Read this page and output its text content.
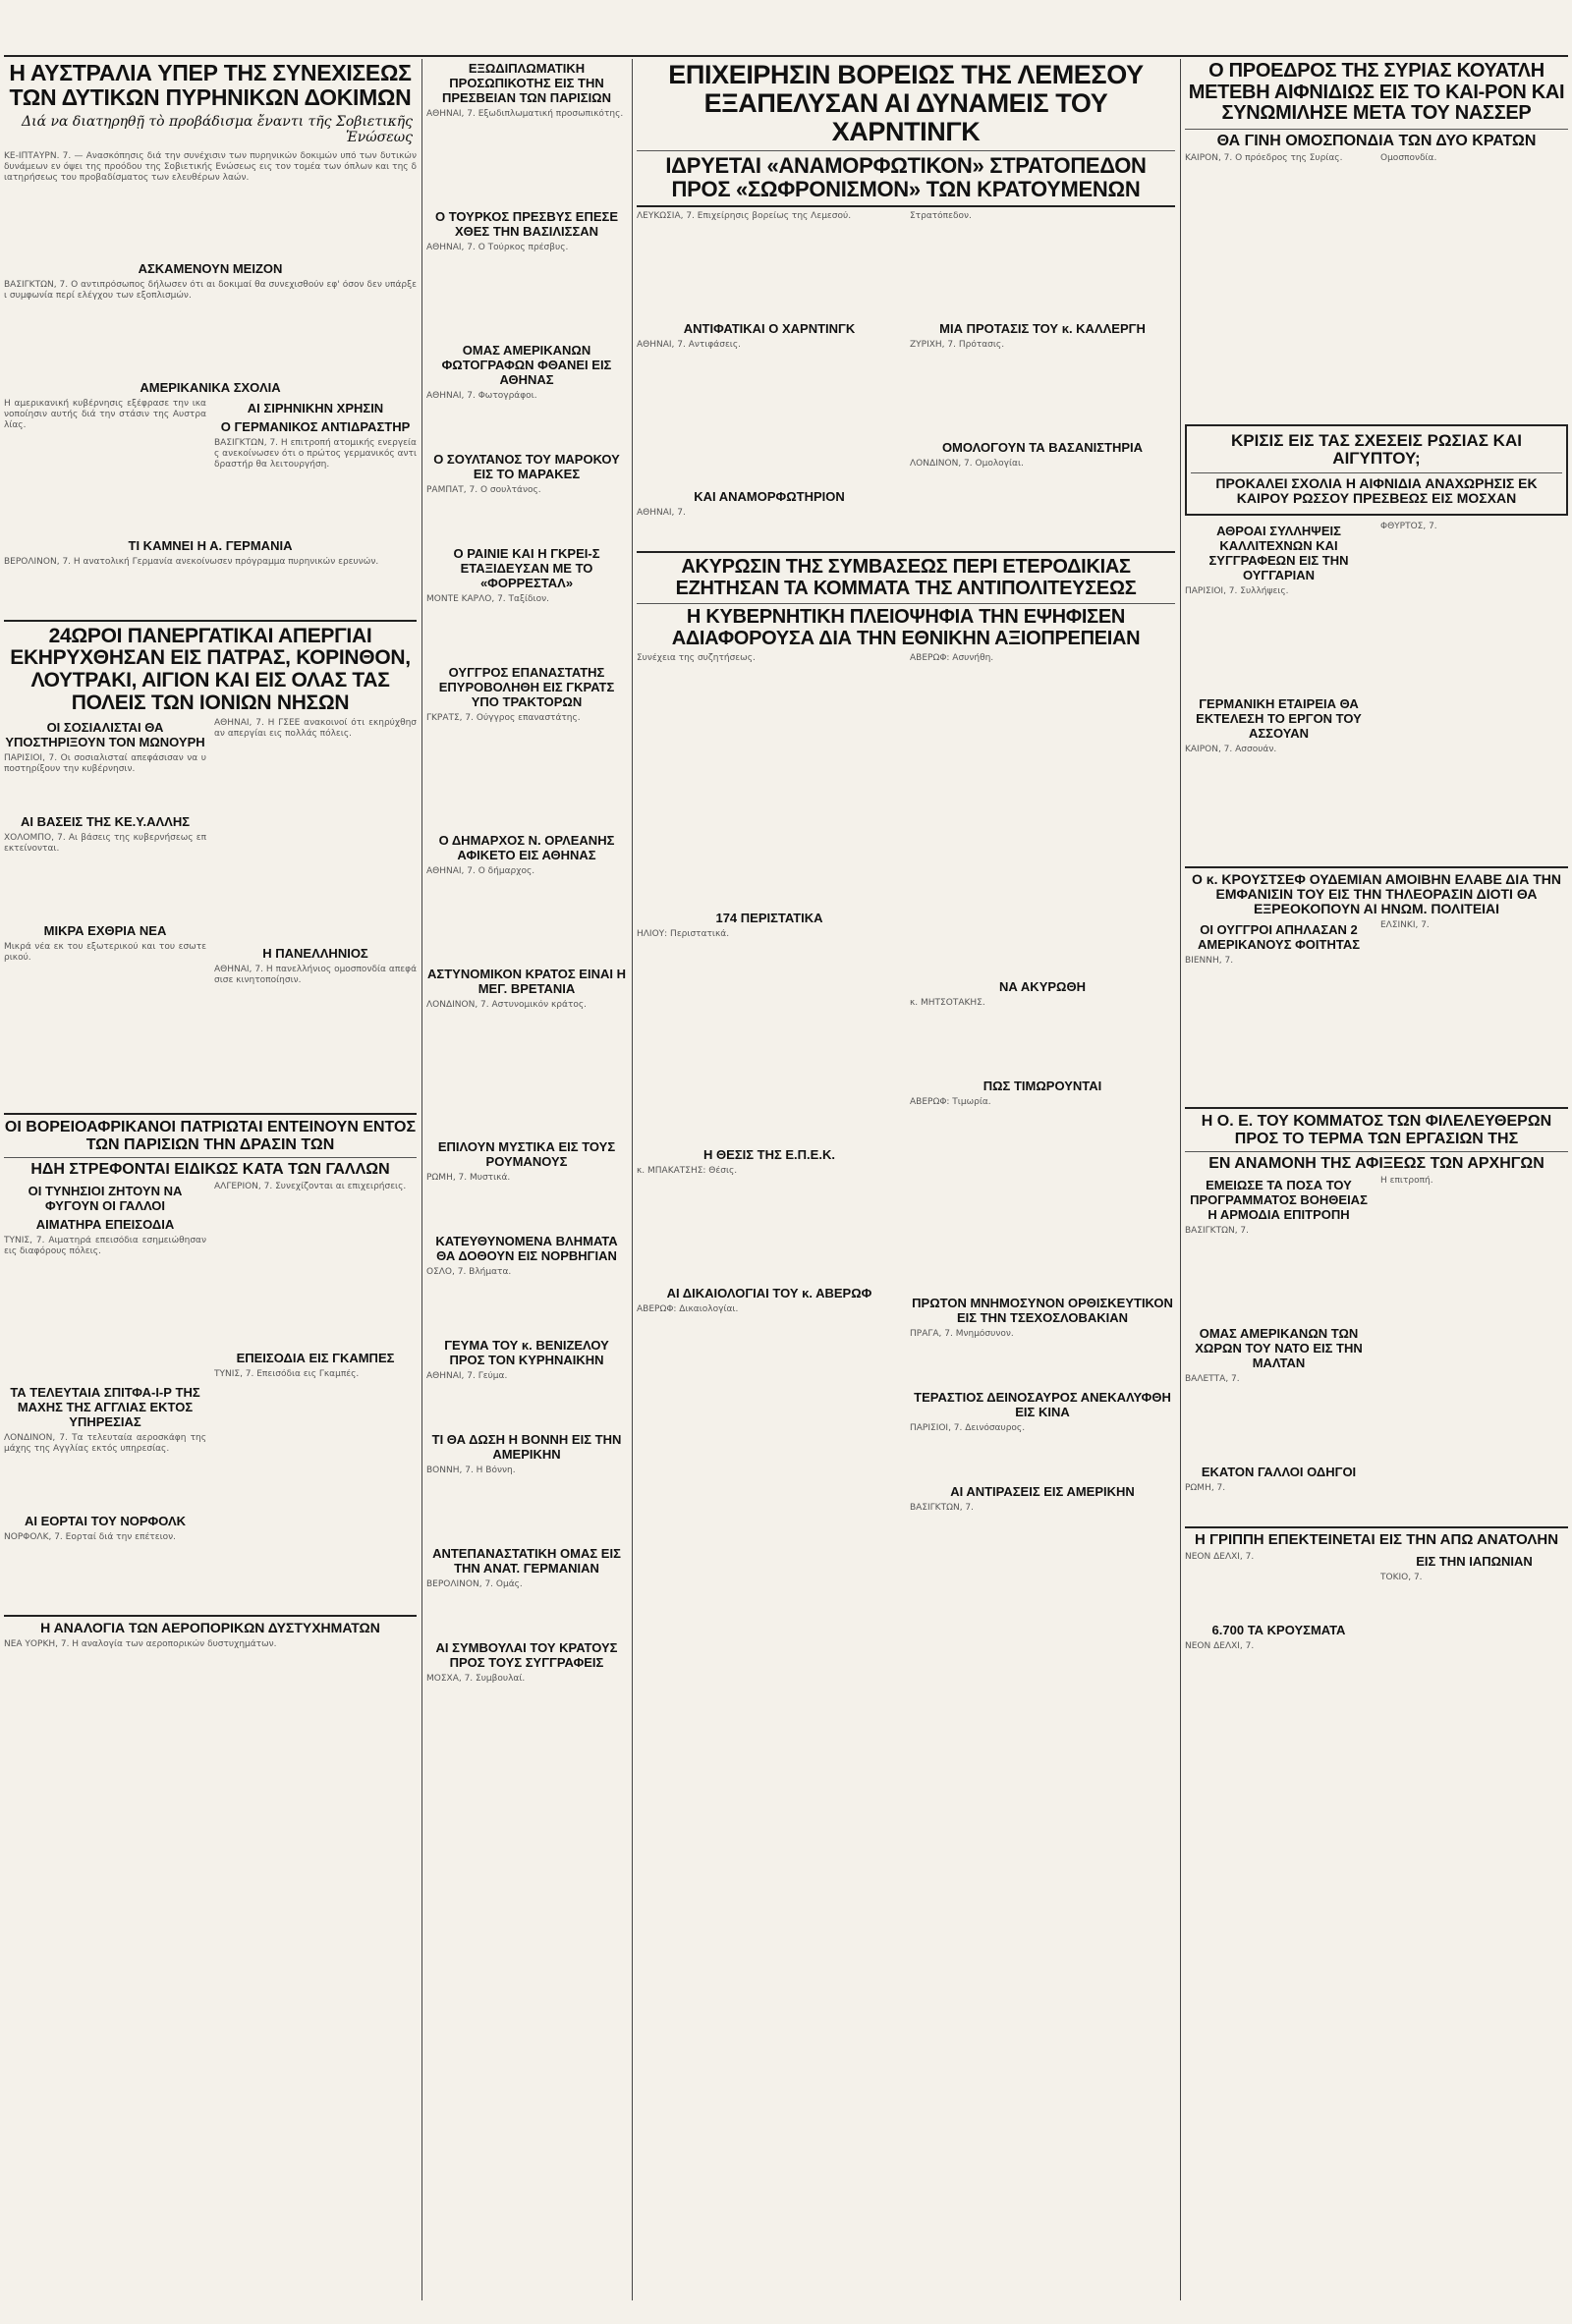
Η ΑΥΣΤΡΑΛΙΑ ΥΠΕΡ ΤΗΣ ΣΥΝΕΧΙΣΕΩΣ ΤΩΝ ΔΥΤΙΚΩΝ ΠΥΡΗΝΙΚΩΝ ΔΟΚΙΜΩΝ
Διά να διατηρηθῇ τὸ προβάδισμα ἔναντι τῆς Σοβιετικῆς Ἑνώσεως
ΚΕ-ΙΠΤΑΥΡΝ. 7. — Ανασκόπησις διά την συνέχισιν των πυρηνικών δοκιμών υπό των δυτικών δυνάμεων εν όψει της προόδου της Σοβιετικής Ενώσεως εις τον τομέα των όπλων και της διατηρήσεως του προβαδίσματος των ελευθέρων λαών.
ΑΣΚΑΜΕΝΟΥΝ ΜΕΙΖΟΝ
ΒΑΣΙΓΚΤΩΝ, 7. Ο αντιπρόσωπος δήλωσεν ότι αι δοκιμαί θα συνεχισθούν εφ' όσον δεν υπάρξει συμφωνία περί ελέγχου των εξοπλισμών.
ΑΜΕΡΙΚΑΝΙΚΑ ΣΧΟΛΙΑ
Η αμερικανική κυβέρνησις εξέφρασε την ικανοποίησιν αυτής διά την στάσιν της Αυστραλίας.
ΑΙ ΣΙΡΗΝΙΚΗΝ ΧΡΗΣΙΝ
Ο ΓΕΡΜΑΝΙΚΟΣ ΑΝΤΙΔΡΑΣΤΗΡ
ΒΑΣΙΓΚΤΩΝ, 7. Η επιτροπή ατομικής ενεργείας ανεκοίνωσεν ότι ο πρώτος γερμανικός αντιδραστήρ θα λειτουργήση.
ΤΙ ΚΑΜΝΕΙ Η Α. ΓΕΡΜΑΝΙΑ
ΒΕΡΟΛΙΝΟΝ, 7. Η ανατολική Γερμανία ανεκοίνωσεν πρόγραμμα πυρηνικών ερευνών.
24ΩΡΟΙ ΠΑΝΕΡΓΑΤΙΚΑΙ ΑΠΕΡΓΙΑΙ ΕΚΗΡΥΧΘΗΣΑΝ ΕΙΣ ΠΑΤΡΑΣ, ΚΟΡΙΝΘΟΝ, ΛΟΥΤΡΑΚΙ, ΑΙΓΙΟΝ ΚΑΙ ΕΙΣ ΟΛΑΣ ΤΑΣ ΠΟΛΕΙΣ ΤΩΝ ΙΟΝΙΩΝ ΝΗΣΩΝ
ΟΙ ΣΟΣΙΑΛΙΣΤΑΙ ΘΑ ΥΠΟΣΤΗΡΙΞΟΥΝ ΤΟΝ ΜΩΝΟΥΡΗ
ΠΑΡΙΣΙΟΙ, 7. Οι σοσιαλισταί απεφάσισαν να υποστηρίξουν την κυβέρνησιν.
ΑΙ ΒΑΣΕΙΣ ΤΗΣ ΚΕ.Υ.ΑΛΛΗΣ
ΧΟΛΟΜΠΟ, 7. Αι βάσεις της κυβερνήσεως επεκτείνονται.
ΜΙΚΡΑ ΕΧΘΡΙΑ ΝΕΑ
Μικρά νέα εκ του εξωτερικού και του εσωτερικού.
ΑΘΗΝΑΙ, 7. Η ΓΣΕΕ ανακοινοί ότι εκηρύχθησαν απεργίαι εις πολλάς πόλεις.
Η ΠΑΝΕΛΛΗΝΙΟΣ
ΑΘΗΝΑΙ, 7. Η πανελλήνιος ομοσπονδία απεφάσισε κινητοποίησιν.
ΟΙ ΒΟΡΕΙΟΑΦΡΙΚΑΝΟΙ ΠΑΤΡΙΩΤΑΙ ΕΝΤΕΙΝΟΥΝ ΕΝΤΟΣ ΤΩΝ ΠΑΡΙΣΙΩΝ ΤΗΝ ΔΡΑΣΙΝ ΤΩΝ
ΗΔΗ ΣΤΡΕΦΟΝΤΑΙ ΕΙΔΙΚΩΣ ΚΑΤΑ ΤΩΝ ΓΑΛΛΩΝ
ΟΙ ΤΥΝΗΣΙΟΙ ΖΗΤΟΥΝ ΝΑ ΦΥΓΟΥΝ ΟΙ ΓΑΛΛΟΙ
ΑΙΜΑΤΗΡΑ ΕΠΕΙΣΟΔΙΑ
ΤΥΝΙΣ, 7. Αιματηρά επεισόδια εσημειώθησαν εις διαφόρους πόλεις.
ΤΑ ΤΕΛΕΥΤΑΙΑ ΣΠΙΤΦΑ-Ι-Ρ ΤΗΣ ΜΑΧΗΣ ΤΗΣ ΑΓΓΛΙΑΣ ΕΚΤΟΣ ΥΠΗΡΕΣΙΑΣ
ΛΟΝΔΙΝΟΝ, 7. Τα τελευταία αεροσκάφη της μάχης της Αγγλίας εκτός υπηρεσίας.
ΑΙ ΕΟΡΤΑΙ ΤΟΥ ΝΟΡΦΟΛΚ
ΝΟΡΦΟΛΚ, 7. Εορταί διά την επέτειον.
ΑΛΓΕΡΙΟΝ, 7. Συνεχίζονται αι επιχειρήσεις.
ΕΠΕΙΣΟΔΙΑ ΕΙΣ ΓΚΑΜΠΕΣ
ΤΥΝΙΣ, 7. Επεισόδια εις Γκαμπές.
Η ΑΝΑΛΟΓΙΑ ΤΩΝ ΑΕΡΟΠΟΡΙΚΩΝ ΔΥΣΤΥΧΗΜΑΤΩΝ
ΝΕΑ ΥΟΡΚΗ, 7. Η αναλογία των αεροπορικών δυστυχημάτων.
ΕΞΩΔΙΠΛΩΜΑΤΙΚΗ ΠΡΟΣΩΠΙΚΟΤΗΣ ΕΙΣ ΤΗΝ ΠΡΕΣΒΕΙΑΝ ΤΩΝ ΠΑΡΙΣΙΩΝ
ΑΘΗΝΑΙ, 7. Εξωδιπλωματική προσωπικότης.
Ο ΤΟΥΡΚΟΣ ΠΡΕΣΒΥΣ ΕΠΕΣΕ ΧΘΕΣ ΤΗΝ ΒΑΣΙΛΙΣΣΑΝ
ΑΘΗΝΑΙ, 7. Ο Τούρκος πρέσβυς.
ΟΜΑΣ ΑΜΕΡΙΚΑΝΩΝ ΦΩΤΟΓΡΑΦΩΝ ΦΘΑΝΕΙ ΕΙΣ ΑΘΗΝΑΣ
ΑΘΗΝΑΙ, 7. Φωτογράφοι.
Ο ΣΟΥΛΤΑΝΟΣ ΤΟΥ ΜΑΡΟΚΟΥ ΕΙΣ ΤΟ ΜΑΡΑΚΕΣ
ΡΑΜΠΑΤ, 7. Ο σουλτάνος.
Ο ΡΑΙΝΙΕ ΚΑΙ Η ΓΚΡΕΙ-Σ ΕΤΑΞΙΔΕΥΣΑΝ ΜΕ ΤΟ «ΦΟΡΡΕΣΤΑΛ»
ΜΟΝΤΕ ΚΑΡΛΟ, 7. Ταξίδιον.
ΟΥΓΓΡΟΣ ΕΠΑΝΑΣΤΑΤΗΣ ΕΠΥΡΟΒΟΛΗΘΗ ΕΙΣ ΓΚΡΑΤΣ ΥΠΟ ΤΡΑΚΤΟΡΩΝ
ΓΚΡΑΤΣ, 7. Ούγγρος επαναστάτης.
Ο ΔΗΜΑΡΧΟΣ Ν. ΟΡΛΕΑΝΗΣ ΑΦΙΚΕΤΟ ΕΙΣ ΑΘΗΝΑΣ
ΑΘΗΝΑΙ, 7. Ο δήμαρχος.
ΑΣΤΥΝΟΜΙΚΟΝ ΚΡΑΤΟΣ ΕΙΝΑΙ Η ΜΕΓ. ΒΡΕΤΑΝΙΑ
ΛΟΝΔΙΝΟΝ, 7. Αστυνομικόν κράτος.
ΕΠΙΛΟΥΝ ΜΥΣΤΙΚΑ ΕΙΣ ΤΟΥΣ ΡΟΥΜΑΝΟΥΣ
ΡΩΜΗ, 7. Μυστικά.
ΚΑΤΕΥΘΥΝΟΜΕΝΑ ΒΛΗΜΑΤΑ ΘΑ ΔΟΘΟΥΝ ΕΙΣ ΝΟΡΒΗΓΙΑΝ
ΟΣΛΟ, 7. Βλήματα.
ΓΕΥΜΑ ΤΟΥ κ. ΒΕΝΙΖΕΛΟΥ ΠΡΟΣ ΤΟΝ ΚΥΡΗΝΑΙΚΗΝ
ΑΘΗΝΑΙ, 7. Γεύμα.
ΤΙ ΘΑ ΔΩΣΗ Η ΒΟΝΝΗ ΕΙΣ ΤΗΝ ΑΜΕΡΙΚΗΝ
ΒΟΝΝΗ, 7. Η Βόννη.
ΑΝΤΕΠΑΝΑΣΤΑΤΙΚΗ ΟΜΑΣ ΕΙΣ ΤΗΝ ΑΝΑΤ. ΓΕΡΜΑΝΙΑΝ
ΒΕΡΟΛΙΝΟΝ, 7. Ομάς.
ΑΙ ΣΥΜΒΟΥΛΑΙ ΤΟΥ ΚΡΑΤΟΥΣ ΠΡΟΣ ΤΟΥΣ ΣΥΓΓΡΑΦΕΙΣ
ΜΟΣΧΑ, 7. Συμβουλαί.
ΕΠΙΧΕΙΡΗΣΙΝ ΒΟΡΕΙΩΣ ΤΗΣ ΛΕΜΕΣΟΥ ΕΞΑΠΕΛΥΣΑΝ ΑΙ ΔΥΝΑΜΕΙΣ ΤΟΥ ΧΑΡΝΤΙΝΓΚ
ΙΔΡΥΕΤΑΙ «ΑΝΑΜΟΡΦΩΤΙΚΟΝ» ΣΤΡΑΤΟΠΕΔΟΝ ΠΡΟΣ «ΣΩΦΡΟΝΙΣΜΟΝ» ΤΩΝ ΚΡΑΤΟΥΜΕΝΩΝ
ΛΕΥΚΩΣΙΑ, 7. Επιχείρησις βορείως της Λεμεσού.
ΑΝΤΙΦΑΤΙΚΑΙ Ο ΧΑΡΝΤΙΝΓΚ
ΑΘΗΝΑΙ, 7. Αντιφάσεις.
ΚΑΙ ΑΝΑΜΟΡΦΩΤΗΡΙΟΝ
ΑΘΗΝΑΙ, 7.
Στρατόπεδον.
ΜΙΑ ΠΡΟΤΑΣΙΣ ΤΟΥ κ. ΚΑΛΛΕΡΓΗ
ΖΥΡΙΧΗ, 7. Πρότασις.
ΟΜΟΛΟΓΟΥΝ ΤΑ ΒΑΣΑΝΙΣΤΗΡΙΑ
ΛΟΝΔΙΝΟΝ, 7. Ομολογίαι.
ΑΚΥΡΩΣΙΝ ΤΗΣ ΣΥΜΒΑΣΕΩΣ ΠΕΡΙ ΕΤΕΡΟΔΙΚΙΑΣ ΕΖΗΤΗΣΑΝ ΤΑ ΚΟΜΜΑΤΑ ΤΗΣ ΑΝΤΙΠΟΛΙΤΕΥΣΕΩΣ
Η ΚΥΒΕΡΝΗΤΙΚΗ ΠΛΕΙΟΨΗΦΙΑ ΤΗΝ ΕΨΗΦΙΣΕΝ ΑΔΙΑΦΟΡΟΥΣΑ ΔΙΑ ΤΗΝ ΕΘΝΙΚΗΝ ΑΞΙΟΠΡΕΠΕΙΑΝ
Συνέχεια της συζητήσεως.
174 ΠΕΡΙΣΤΑΤΙΚΑ
ΗΛΙΟΥ: Περιστατικά.
Η ΘΕΣΙΣ ΤΗΣ Ε.Π.Ε.Κ.
κ. ΜΠΑΚΑΤΣΗΣ: Θέσις.
ΑΙ ΔΙΚΑΙΟΛΟΓΙΑΙ ΤΟΥ κ. ΑΒΕΡΩΦ
ΑΒΕΡΩΦ: Δικαιολογίαι.
ΑΒΕΡΩΦ: Ασυνήθη.
ΝΑ ΑΚΥΡΩΘΗ
κ. ΜΗΤΣΟΤΑΚΗΣ.
ΠΩΣ ΤΙΜΩΡΟΥΝΤΑΙ
ΑΒΕΡΩΦ: Τιμωρία.
ΠΡΩΤΟΝ ΜΝΗΜΟΣΥΝΟΝ ΟΡΘΙΣΚΕΥΤΙΚΟΝ ΕΙΣ ΤΗΝ ΤΣΕΧΟΣΛΟΒΑΚΙΑΝ
ΠΡΑΓΑ, 7. Μνημόσυνον.
ΤΕΡΑΣΤΙΟΣ ΔΕΙΝΟΣΑΥΡΟΣ ΑΝΕΚΑΛΥΦΘΗ ΕΙΣ ΚΙΝΑ
ΠΑΡΙΣΙΟΙ, 7. Δεινόσαυρος.
ΑΙ ΑΝΤΙΡΑΣΕΙΣ ΕΙΣ ΑΜΕΡΙΚΗΝ
ΒΑΣΙΓΚΤΩΝ, 7.
Ο ΠΡΟΕΔΡΟΣ ΤΗΣ ΣΥΡΙΑΣ ΚΟΥΑΤΛΗ ΜΕΤΕΒΗ ΑΙΦΝΙΔΙΩΣ ΕΙΣ ΤΟ ΚΑΙ-ΡΟΝ ΚΑΙ ΣΥΝΩΜΙΛΗΣΕ ΜΕΤΑ ΤΟΥ ΝΑΣΣΕΡ
ΘΑ ΓΙΝΗ ΟΜΟΣΠΟΝΔΙΑ ΤΩΝ ΔΥΟ ΚΡΑΤΩΝ
ΚΑΙΡΟΝ, 7. Ο πρόεδρος της Συρίας.	Ομοσπονδία.
ΚΡΙΣΙΣ ΕΙΣ ΤΑΣ ΣΧΕΣΕΙΣ ΡΩΣΙΑΣ ΚΑΙ ΑΙΓΥΠΤΟΥ;
ΠΡΟΚΑΛΕΙ ΣΧΟΛΙΑ Η ΑΙΦΝΙΔΙΑ ΑΝΑΧΩΡΗΣΙΣ ΕΚ ΚΑΙΡΟΥ ΡΩΣΣΟΥ ΠΡΕΣΒΕΩΣ ΕΙΣ ΜΟΣΧΑΝ
ΑΘΡΟΑΙ ΣΥΛΛΗΨΕΙΣ ΚΑΛΛΙΤΕΧΝΩΝ ΚΑΙ ΣΥΓΓΡΑΦΕΩΝ ΕΙΣ ΤΗΝ ΟΥΓΓΑΡΙΑΝ
ΠΑΡΙΣΙΟΙ, 7. Συλλήψεις.
ΓΕΡΜΑΝΙΚΗ ΕΤΑΙΡΕΙΑ ΘΑ ΕΚΤΕΛΕΣΗ ΤΟ ΕΡΓΟΝ ΤΟΥ ΑΣΣΟΥΑΝ
ΚΑΙΡΟΝ, 7. Ασσουάν.
ΦΘΥΡΤΟΣ, 7.
Ο κ. ΚΡΟΥΣΤΣΕΦ ΟΥΔΕΜΙΑΝ ΑΜΟΙΒΗΝ ΕΛΑΒΕ ΔΙΑ ΤΗΝ ΕΜΦΑΝΙΣΙΝ ΤΟΥ ΕΙΣ ΤΗΝ ΤΗΛΕΟΡΑΣΙΝ ΔΙΟΤΙ ΘΑ ΕΞΡΕΟΚΟΠΟΥΝ ΑΙ ΗΝΩΜ. ΠΟΛΙΤΕΙΑΙ
ΟΙ ΟΥΓΓΡΟΙ ΑΠΗΛΑΣΑΝ 2 ΑΜΕΡΙΚΑΝΟΥΣ ΦΟΙΤΗΤΑΣ
ΒΙΕΝΝΗ, 7.
ΕΛΣΙΝΚΙ, 7.
Η Ο. Ε. ΤΟΥ ΚΟΜΜΑΤΟΣ ΤΩΝ ΦΙΛΕΛΕΥΘΕΡΩΝ ΠΡΟΣ ΤΟ ΤΕΡΜΑ ΤΩΝ ΕΡΓΑΣΙΩΝ ΤΗΣ
ΕΝ ΑΝΑΜΟΝΗ ΤΗΣ ΑΦΙΞΕΩΣ ΤΩΝ ΑΡΧΗΓΩΝ
ΕΜΕΙΩΣΕ ΤΑ ΠΟΣΑ ΤΟΥ ΠΡΟΓΡΑΜΜΑΤΟΣ ΒΟΗΘΕΙΑΣ Η ΑΡΜΟΔΙΑ ΕΠΙΤΡΟΠΗ
ΒΑΣΙΓΚΤΩΝ, 7.
ΟΜΑΣ ΑΜΕΡΙΚΑΝΩΝ ΤΩΝ ΧΩΡΩΝ ΤΟΥ ΝΑΤΟ ΕΙΣ ΤΗΝ ΜΑΛΤΑΝ
ΒΑΛΕΤΤΑ, 7.
ΕΚΑΤΟΝ ΓΑΛΛΟΙ ΟΔΗΓΟΙ
ΡΩΜΗ, 7.
Η επιτροπή.
Η ΓΡΙΠΠΗ ΕΠΕΚΤΕΙΝΕΤΑΙ ΕΙΣ ΤΗΝ ΑΠΩ ΑΝΑΤΟΛΗΝ
ΝΕΟΝ ΔΕΛΧΙ, 7.
6.700 ΤΑ ΚΡΟΥΣΜΑΤΑ
ΝΕΟΝ ΔΕΛΧΙ, 7.
ΕΙΣ ΤΗΝ ΙΑΠΩΝΙΑΝ
ΤΟΚΙΟ, 7.
